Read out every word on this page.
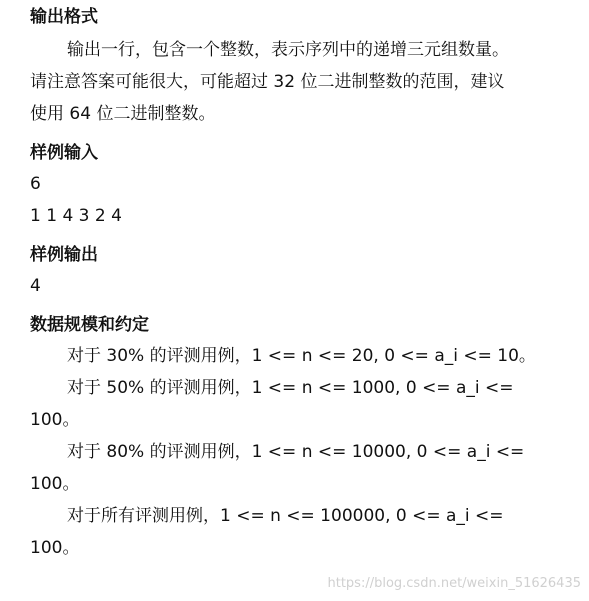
输出格式

输出一行，包含一个整数，表示序列中的递增三元组数量。

请注意答案可能很大，可能超过 32 位二进制整数的范围，建议

使用 64 位二进制整数。

样例输入

6

1 1 4 3 2 4

样例输出

4

数据规模和约定

对于 30% 的评测用例，1 <= n <= 20, 0 <= a_i <= 10。

对于 50% 的评测用例，1 <= n <= 1000, 0 <= a_i <=

100。

对于 80% 的评测用例，1 <= n <= 10000, 0 <= a_i <=

100。

对于所有评测用例，1 <= n <= 100000, 0 <= a_i <=

100。

https://blog.csdn.net/weixin_51626435
